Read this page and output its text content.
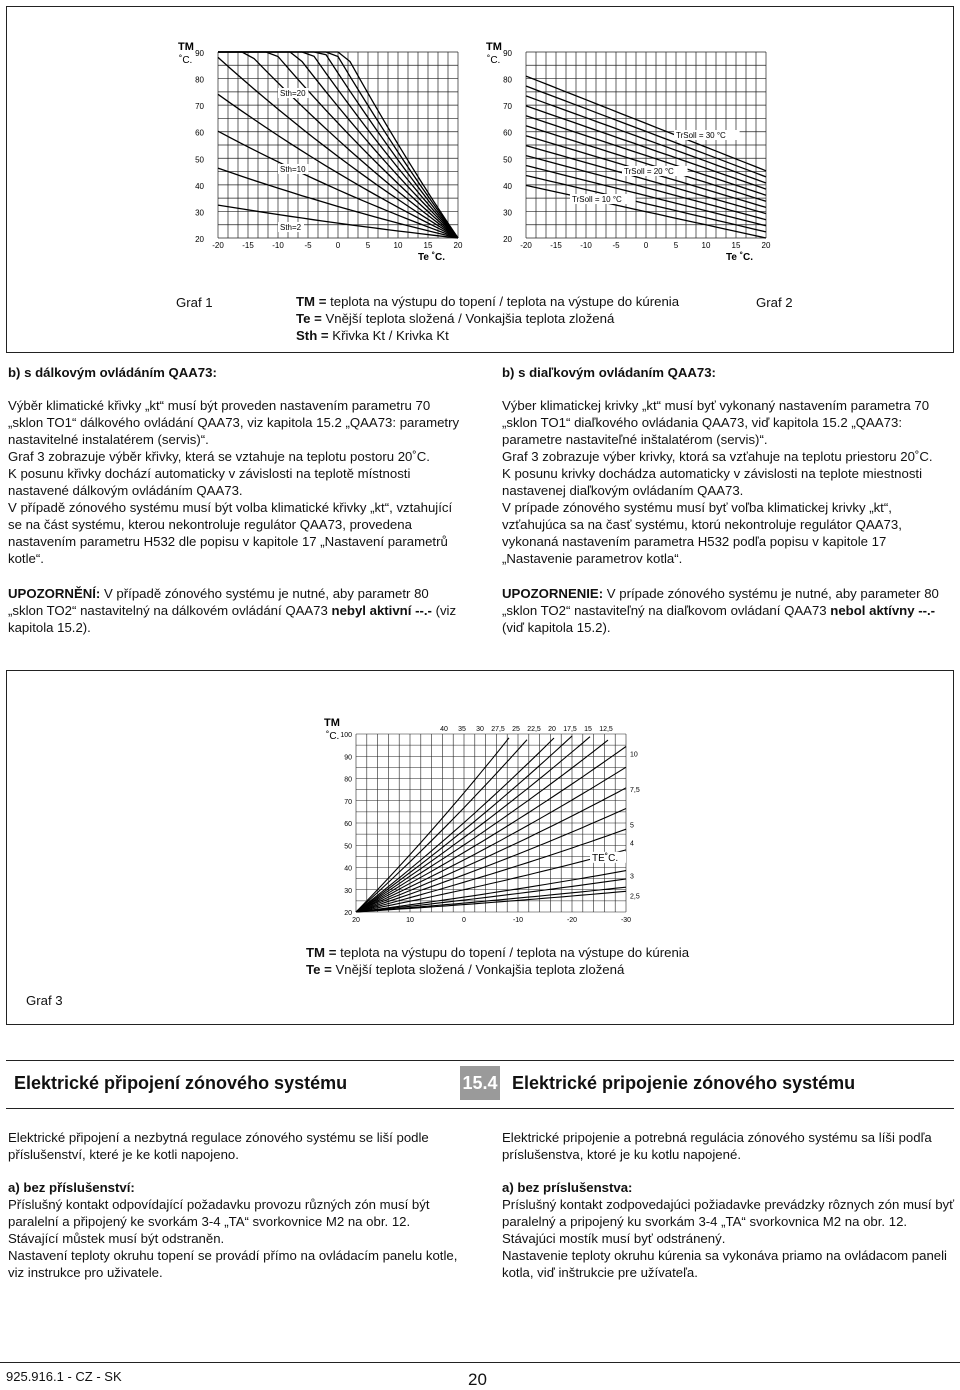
TM
˚C.
90
80
70
60
50
40
30
20
-20 -15 -10	-5	0	5	10	15	20
Te ˚C.
Sth=20
Sth=10
Sth=2
TM
˚C.
90
80
70
60
50
40
30
20
-20 -15 -10	-5	0	5	10	15	20
Te ˚C.
TrSoll = 30 °C
TrSoll = 20 °C
TrSoll = 10 °C
Graf 1	Graf 2
TM = teplota na výstupu do topení / teplota na výstupe do kúrenia
Te = Vnější teplota složená / Vonkajšia teplota zložená
Sth = Křivka Kt / Krivka Kt

b) s dálkovým ovládáním QAA73:

Výběr klimatické křivky „kt“ musí být proveden nastavením parametru 70 „sklon TO1“ dálkového ovládání QAA73, viz kapitola 15.2 „QAA73: parametry nastavitelné instalatérem (servis)“.

Graf 3 zobrazuje výběr křivky, která se vztahuje na teplotu postoru 20˚C.

K posunu křivky dochází automaticky v závislosti na teplotě místnosti nastavené dálkovým ovládáním QAA73.

V případě zónového systému musí být volba klimatické křivky „kt“, vztahující se na část systému, kterou nekontroluje regulátor QAA73, provedena nastavením parametru H532 dle popisu v kapitole 17 „Nastavení parametrů kotle“.

UPOZORNĚNÍ: V případě zónového systému je nutné, aby parametr 80 „sklon TO2“ nastavitelný na dálkovém ovládání QAA73 nebyl aktivní --.- (viz kapitola 15.2).

b) s diaľkovým ovládaním QAA73:

Výber klimatickej krivky „kt“ musí byť vykonaný nastavením parametra 70 „sklon TO1“ diaľkového ovládania QAA73, viď kapitola 15.2 „QAA73: parametre nastaviteľné inštalatérom (servis)“.

Graf 3 zobrazuje výber krivky, ktorá sa vzťahuje na teplotu priestoru 20˚C.

K posunu krivky dochádza automaticky v závislosti na teplote miestnosti nastavenej diaľkovým ovládaním QAA73.

V prípade zónového systému musí byť voľba klimatickej krivky „kt“, vzťahujúca sa na časť systému, ktorú nekontroluje regulátor QAA73, vykonaná nastavením parametra H532 podľa popisu v kapitole 17 „Nastavenie parametrov kotla“.

UPOZORNENIE: V prípade zónového systému je nutné, aby parameter 80 „sklon TO2“ nastaviteľný na diaľkovom ovládaní QAA73 nebol aktívny --.- (viď kapitola 15.2).

TM
˚C. 100
90
80
70
60
50
40
30
20
20	10	0	-10	-20	-30
40 35 30 27,5 25 22,5 20 17,5 15 12,5
10
7,5
5
4
3
2,5
TE˚C.
TM = teplota na výstupu do topení / teplota na výstupe do kúrenia
Te = Vnější teplota složená / Vonkajšia teplota zložená
Graf 3
Elektrické připojení zónového systému	15.4 Elektrické pripojenie zónového systému

Elektrické připojení a nezbytná regulace zónového systému se liší podle příslušenství, které je ke kotli napojeno.

a) bez příslušenství:

Příslušný kontakt odpovídající požadavku provozu různých zón musí být paralelní a připojený ke svorkám 3-4 „TA“ svorkovnice M2 na obr. 12. Stávající můstek musí být odstraněn.

Nastavení teploty okruhu topení se provádí přímo na ovládacím panelu kotle, viz instrukce pro uživatele.

Elektrické pripojenie a potrebná regulácia zónového systému sa líši podľa príslušenstva, ktoré je ku kotlu napojené.

a) bez príslušenstva:

Príslušný kontakt zodpovedajúci požiadavke prevádzky rôznych zón musí byť paralelný a pripojený ku svorkám 3-4 „TA“ svorkovnica M2 na obr. 12. Stávajúci mostík musí byť odstránený.

Nastavenie teploty okruhu kúrenia sa vykonáva priamo na ovládacom paneli kotla, viď inštrukcie pre užívateľa.

925.916.1 - CZ - SK	20
